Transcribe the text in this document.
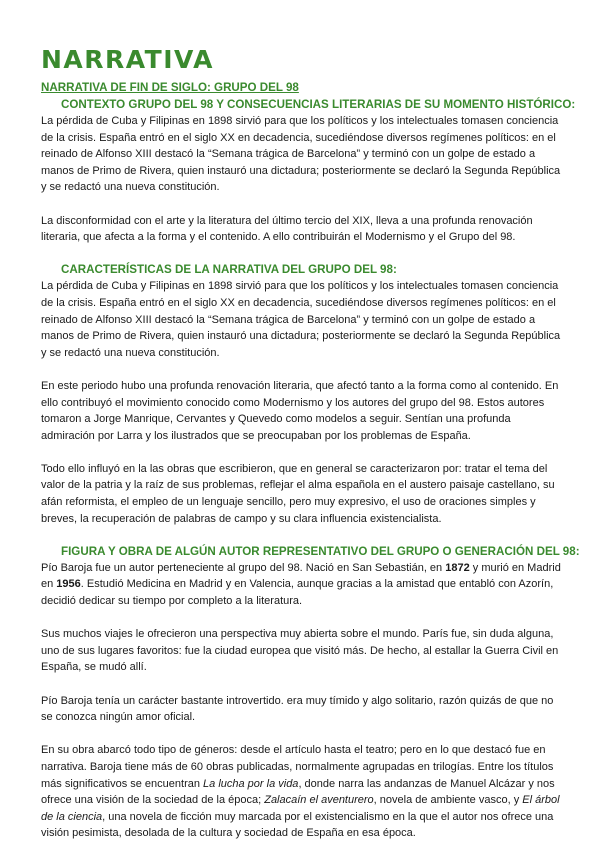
NARRATIVA
NARRATIVA DE FIN DE SIGLO: GRUPO DEL 98
CONTEXTO GRUPO DEL 98 Y CONSECUENCIAS LITERARIAS DE SU MOMENTO HISTÓRICO:

La pérdida de Cuba y Filipinas en 1898 sirvió para que los políticos y los intelectuales tomasen conciencia de la crisis. España entró en el siglo XX en decadencia, sucediéndose diversos regímenes políticos: en el reinado de Alfonso XIII destacó la “Semana trágica de Barcelona” y terminó con un golpe de estado a manos de Primo de Rivera, quien instauró una dictadura; posteriormente se declaró la Segunda República y se redactó una nueva constitución.

La disconformidad con el arte y la literatura del último tercio del XIX, lleva a una profunda renovación literaria, que afecta a la forma y el contenido. A ello contribuirán el Modernismo y el Grupo del 98.

CARACTERÍSTICAS DE LA NARRATIVA DEL GRUPO DEL 98:

La pérdida de Cuba y Filipinas en 1898 sirvió para que los políticos y los intelectuales tomasen conciencia de la crisis. España entró en el siglo XX en decadencia, sucediéndose diversos regímenes políticos: en el reinado de Alfonso XIII destacó la “Semana trágica de Barcelona” y terminó con un golpe de estado a manos de Primo de Rivera, quien instauró una dictadura; posteriormente se declaró la Segunda República y se redactó una nueva constitución.

En este periodo hubo una profunda renovación literaria, que afectó tanto a la forma como al contenido. En ello contribuyó el movimiento conocido como Modernismo y los autores del grupo del 98. Estos autores tomaron a Jorge Manrique, Cervantes y Quevedo como modelos a seguir. Sentían una profunda admiración por Larra y los ilustrados que se preocupaban por los problemas de España.

Todo ello influyó en la las obras que escribieron, que en general se caracterizaron por: tratar el tema del valor de la patria y la raíz de sus problemas, reflejar el alma española en el austero paisaje castellano, su afán reformista, el empleo de un lenguaje sencillo, pero muy expresivo, el uso de oraciones simples y breves, la recuperación de palabras de campo y su clara influencia existencialista.

FIGURA Y OBRA DE ALGÚN AUTOR REPRESENTATIVO DEL GRUPO O GENERACIÓN DEL 98:

Pío Baroja fue un autor perteneciente al grupo del 98. Nació en San Sebastián, en 1872 y murió en Madrid en 1956. Estudió Medicina en Madrid y en Valencia, aunque gracias a la amistad que entabló con Azorín, decidió dedicar su tiempo por completo a la literatura.

Sus muchos viajes le ofrecieron una perspectiva muy abierta sobre el mundo. París fue, sin duda alguna, uno de sus lugares favoritos: fue la ciudad europea que visitó más. De hecho, al estallar la Guerra Civil en España, se mudó allí.

Pío Baroja tenía un carácter bastante introvertido. era muy tímido y algo solitario, razón quizás de que no se conozca ningún amor oficial.

En su obra abarcó todo tipo de géneros: desde el artículo hasta el teatro; pero en lo que destacó fue en narrativa. Baroja tiene más de 60 obras publicadas, normalmente agrupadas en trilogías. Entre los títulos más significativos se encuentran La lucha por la vida, donde narra las andanzas de Manuel Alcázar y nos ofrece una visión de la sociedad de la época; Zalacaín el aventurero, novela de ambiente vasco, y El árbol de la ciencia, una novela de ficción muy marcada por el existencialismo en la que el autor nos ofrece una visión pesimista, desolada de la cultura y sociedad de España en esa época.
